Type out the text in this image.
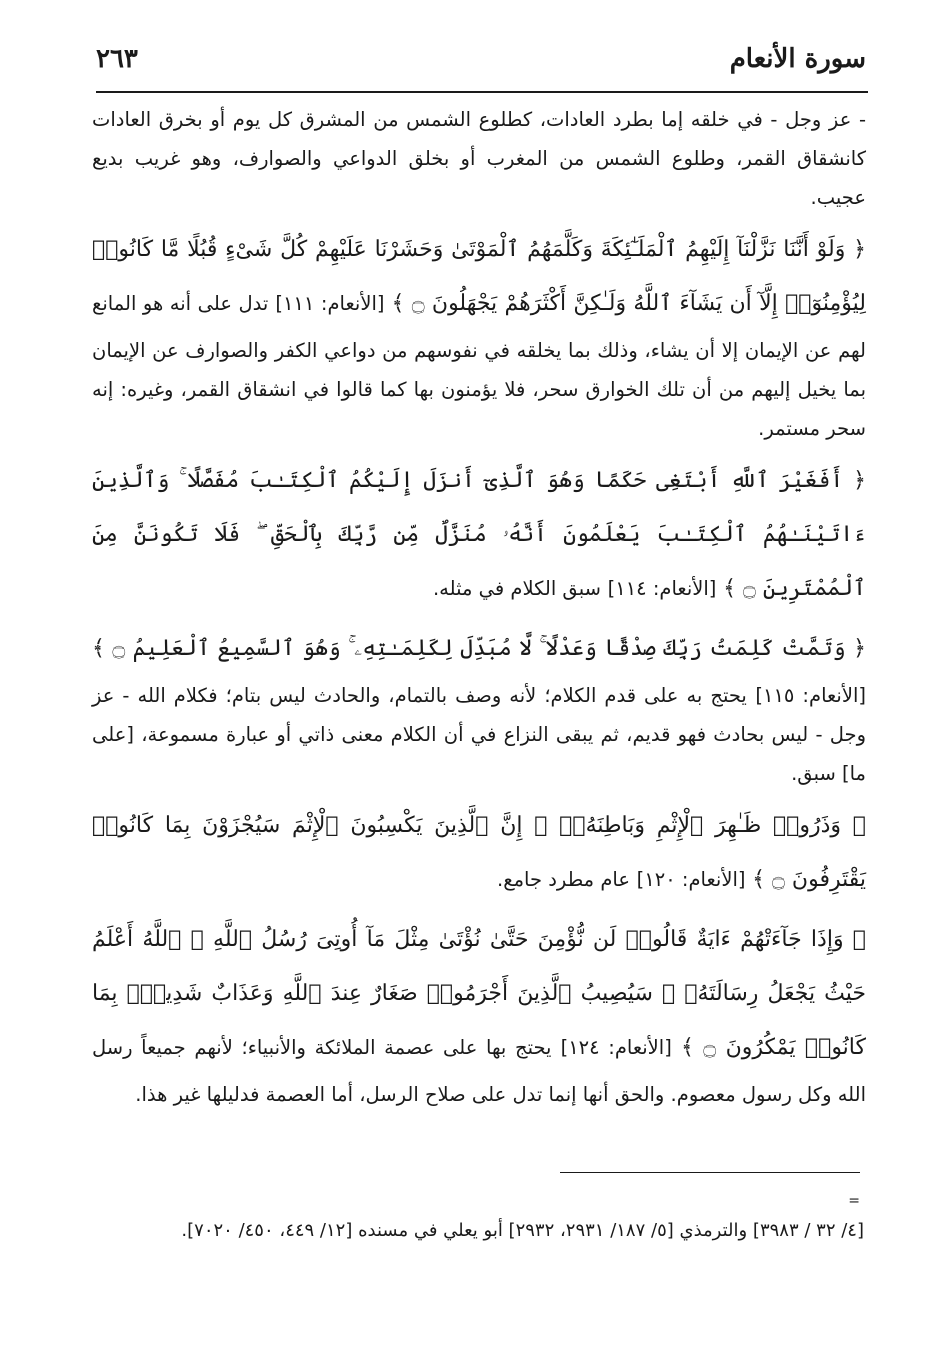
سورة الأنعام
٢٦٣

- عز وجل - في خلقه إما بطرد العادات، كطلوع الشمس من المشرق كل يوم أو بخرق العادات كانشقاق القمر، وطلوع الشمس من المغرب أو بخلق الدواعي والصوارف، وهو غريب بديع عجيب.

﴿ وَلَوْ أَنَّنَا نَزَّلْنَآ إِلَيْهِمُ ٱلْمَلَـٰٓئِكَةَ وَكَلَّمَهُمُ ٱلْمَوْتَىٰ وَحَشَرْنَا عَلَيْهِمْ كُلَّ شَىْءٍ قُبُلًا مَّا كَانُوا۟ لِيُؤْمِنُوٓا۟ إِلَّآ أَن يَشَآءَ ٱللَّهُ وَلَـٰكِنَّ أَكْثَرَهُمْ يَجْهَلُونَ ۝ ﴾ [الأنعام: ١١١] تدل على أنه هو المانع لهم عن الإيمان إلا أن يشاء، وذلك بما يخلقه في نفوسهم من دواعي الكفر والصوارف عن الإيمان بما يخيل إليهم من أن تلك الخوارق سحر، فلا يؤمنون بها كما قالوا في انشقاق القمر، وغيره: إنه سحر مستمر.

﴿ أَفَغَيْرَ ٱللَّهِ أَبْتَغِى حَكَمًا وَهُوَ ٱلَّذِىٓ أَنزَلَ إِلَيْكُمُ ٱلْكِتَـٰبَ مُفَصَّلًا ۚ وَٱلَّذِينَ ءَاتَيْنَـٰهُمُ ٱلْكِتَـٰبَ يَعْلَمُونَ أَنَّهُۥ مُنَزَّلٌ مِّن رَّبِّكَ بِٱلْحَقِّ ۖ فَلَا تَكُونَنَّ مِنَ ٱلْمُمْتَرِينَ ۝ ﴾ [الأنعام: ١١٤] سبق الكلام في مثله.

﴿ وَتَمَّتْ كَلِمَتُ رَبِّكَ صِدْقًا وَعَدْلًا ۚ لَّا مُبَدِّلَ لِكَلِمَـٰتِهِۦ ۚ وَهُوَ ٱلسَّمِيعُ ٱلْعَلِيمُ ۝ ﴾ [الأنعام: ١١٥] يحتج به على قدم الكلام؛ لأنه وصف بالتمام، والحادث ليس بتام؛ فكلام الله - عز وجل - ليس بحادث فهو قديم، ثم يبقى النزاع في أن الكلام معنى ذاتي أو عبارة مسموعة، [على ما] سبق.

﴿ وَذَرُوا۟ ظَـٰهِرَ ٱلْإِثْمِ وَبَاطِنَهُۥٓ ۚ إِنَّ ٱلَّذِينَ يَكْسِبُونَ ٱلْإِثْمَ سَيُجْزَوْنَ بِمَا كَانُوا۟ يَقْتَرِفُونَ ۝ ﴾ [الأنعام: ١٢٠] عام مطرد جامع.

﴿ وَإِذَا جَآءَتْهُمْ ءَايَةٌ قَالُوا۟ لَن نُّؤْمِنَ حَتَّىٰ نُؤْتَىٰ مِثْلَ مَآ أُوتِىَ رُسُلُ ٱللَّهِ ۘ ٱللَّهُ أَعْلَمُ حَيْثُ يَجْعَلُ رِسَالَتَهُۥ ۗ سَيُصِيبُ ٱلَّذِينَ أَجْرَمُوا۟ صَغَارٌ عِندَ ٱللَّهِ وَعَذَابٌ شَدِيدٌۢ بِمَا كَانُوا۟ يَمْكُرُونَ ۝ ﴾ [الأنعام: ١٢٤] يحتج بها على عصمة الملائكة والأنبياء؛ لأنهم جميعاً رسل الله وكل رسول معصوم. والحق أنها إنما تدل على صلاح الرسل، أما العصمة فدليلها غير هذا.

=
[٤/ ٣٢ / ٣٩٨٣] والترمذي [٥/ ١٨٧/ ٢٩٣١، ٢٩٣٢] أبو يعلي في مسنده [١٢/ ٤٤٩، ٤٥٠/ ٧٠٢٠].
